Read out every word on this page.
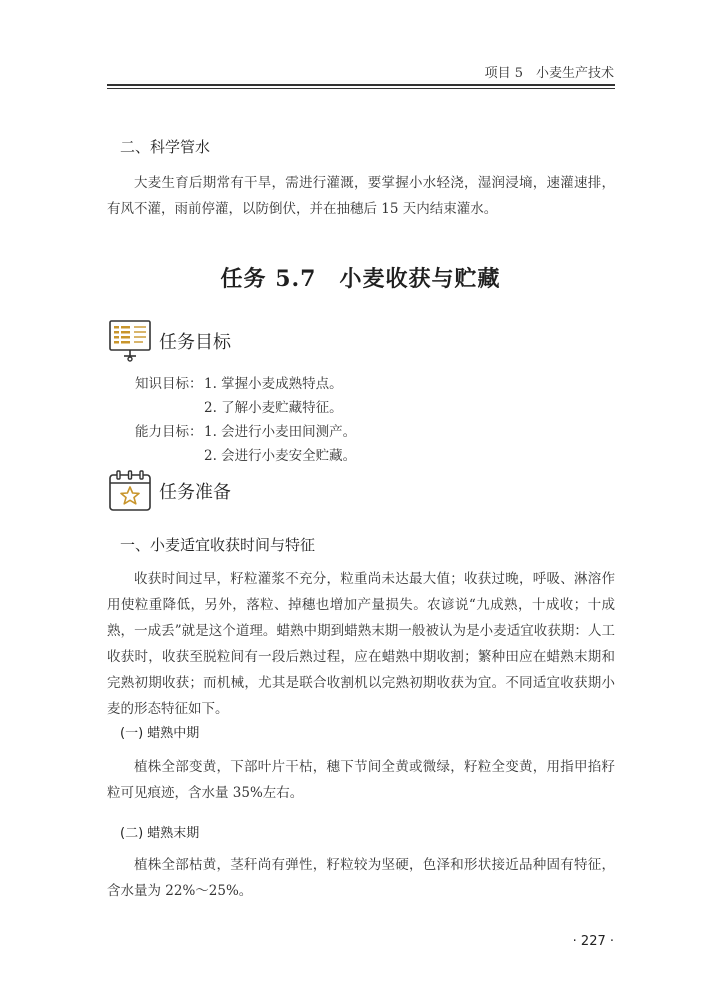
项目 5　小麦生产技术
二、科学管水

大麦生育后期常有干旱，需进行灌溉，要掌握小水轻浇，湿润浸墒，速灌速排，有风不灌，雨前停灌，以防倒伏，并在抽穗后 15 天内结束灌水。

任务 5.7　小麦收获与贮藏
任务目标
知识目标： 1. 掌握小麦成熟特点。
2. 了解小麦贮藏特征。
能力目标： 1. 会进行小麦田间测产。
2. 会进行小麦安全贮藏。
任务准备
一、小麦适宜收获时间与特征

收获时间过早，籽粒灌浆不充分，粒重尚未达最大值；收获过晚，呼吸、淋溶作用使粒重降低，另外，落粒、掉穗也增加产量损失。农谚说“九成熟，十成收；十成熟，一成丢”就是这个道理。蜡熟中期到蜡熟末期一般被认为是小麦适宜收获期：人工收获时，收获至脱粒间有一段后熟过程，应在蜡熟中期收割；繁种田应在蜡熟末期和完熟初期收获；而机械，尤其是联合收割机以完熟初期收获为宜。不同适宜收获期小麦的形态特征如下。

(一) 蜡熟中期

植株全部变黄，下部叶片干枯，穗下节间全黄或微绿，籽粒全变黄，用指甲掐籽粒可见痕迹，含水量 35%左右。

(二) 蜡熟末期

植株全部枯黄，茎秆尚有弹性，籽粒较为坚硬，色泽和形状接近品种固有特征，含水量为 22%～25%。

· 227 ·
